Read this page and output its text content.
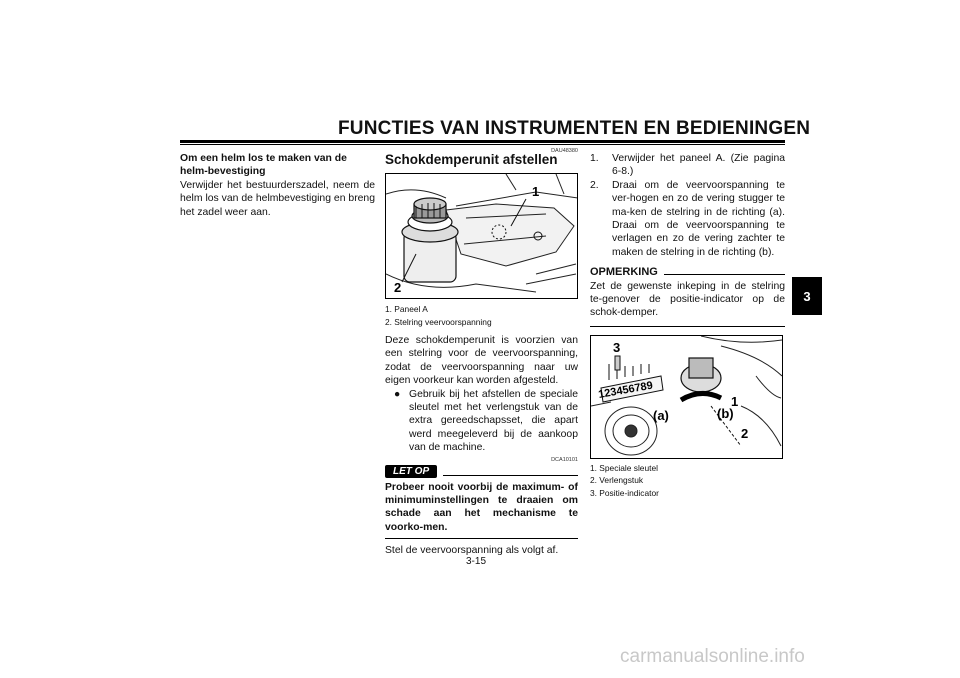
FUNCTIES VAN INSTRUMENTEN EN BEDIENINGEN
3
Om een helm los te maken van de helm-bevestiging
Verwijder het bestuurderszadel, neem de helm los van de helmbevestiging en breng het zadel weer aan.
DAU48380
Schokdemperunit afstellen
1
2
1. Paneel A
2. Stelring veervoorspanning
Deze schokdemperunit is voorzien van een stelring voor de veervoorspanning, zodat de veervoorspanning naar uw eigen voorkeur kan worden afgesteld.
● Gebruik bij het afstellen de speciale sleutel met het verlengstuk van de extra gereedschapsset, die apart werd meegeleverd bij de aankoop van de machine.
DCA10101
LET OP
Probeer nooit voorbij de maximum- of minimuminstellingen te draaien om schade aan het mechanisme te voorko-men.
Stel de veervoorspanning als volgt af.
1. Verwijder het paneel A. (Zie pagina 6-8.)
2. Draai om de veervoorspanning te ver-hogen en zo de vering stugger te ma-ken de stelring in de richting (a). Draai om de veervoorspanning te verlagen en zo de vering zachter te maken de stelring in de richting (b).
OPMERKING
Zet de gewenste inkeping in de stelring te-genover de positie-indicator op de schok-demper.
123456789
3
1
2
(a)	(b)
1. Speciale sleutel
2. Verlengstuk
3. Positie-indicator
3-15
carmanualsonline.info
